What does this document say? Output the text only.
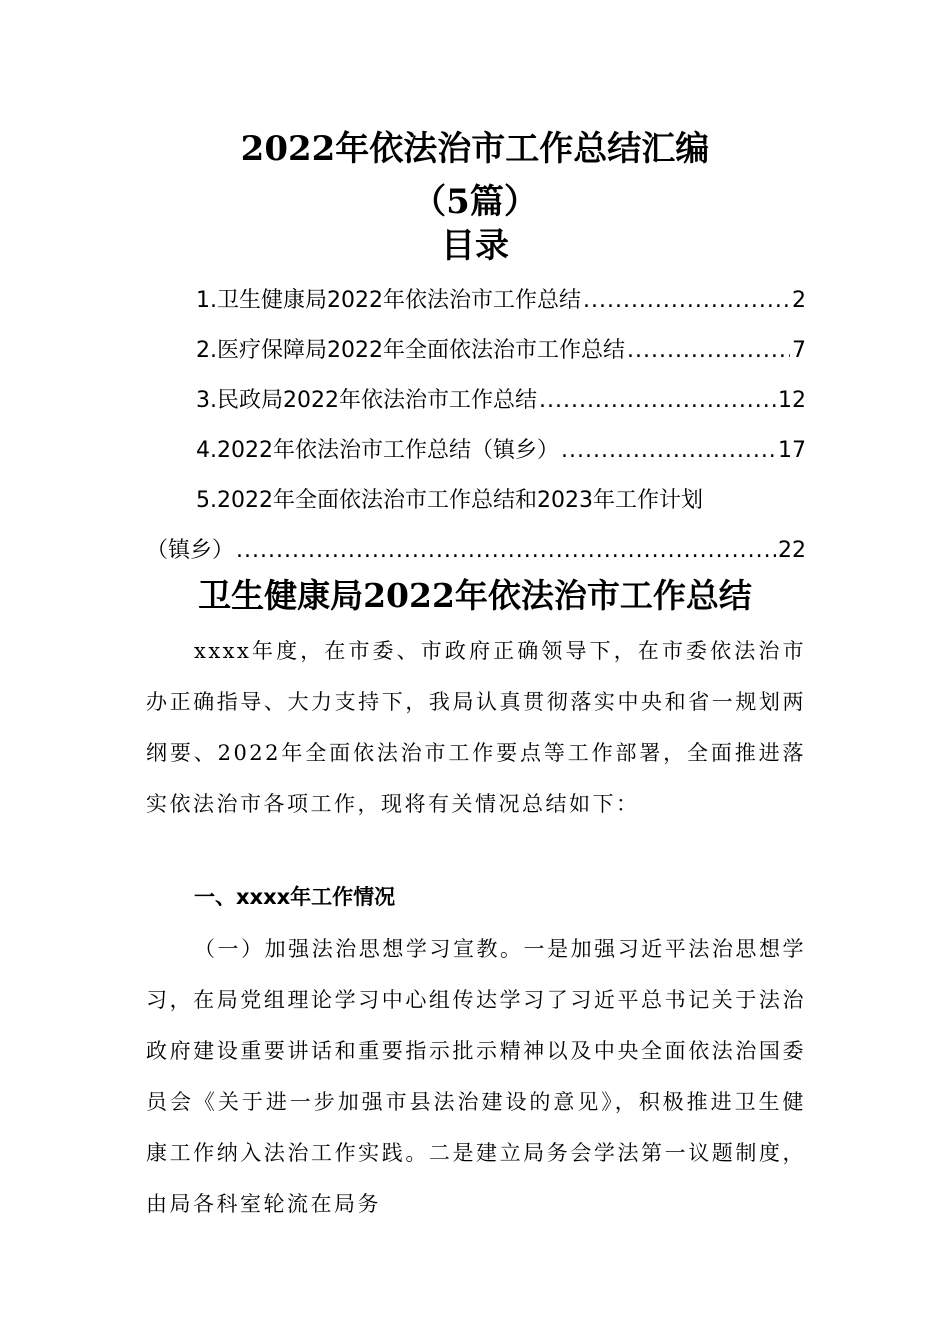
2022年依法治市工作总结汇编
（5篇）
目录
1.卫生健康局2022年依法治市工作总结 .....	2
2.医疗保障局2022年全面依法治市工作总结 .....	7
3.民政局2022年依法治市工作总结 .....	12
4.2022年依法治市工作总结（镇乡） .....	17
5.2022年全面依法治市工作总结和2023年工作计划
（镇乡） .....	22
卫生健康局2022年依法治市工作总结

xxxx年度，在市委、市政府正确领导下，在市委依法治市办正确指导、大力支持下，我局认真贯彻落实中央和省一规划两纲要、2022年全面依法治市工作要点等工作部署，全面推进落实依法治市各项工作，现将有关情况总结如下：

一、xxxx年工作情况

（一）加强法治思想学习宣教。一是加强习近平法治思想学习，在局党组理论学习中心组传达学习了习近平总书记关于法治政府建设重要讲话和重要指示批示精神以及中央全面依法治国委员会《关于进一步加强市县法治建设的意见》，积极推进卫生健康工作纳入法治工作实践。二是建立局务会学法第一议题制度，由局各科室轮流在局务
